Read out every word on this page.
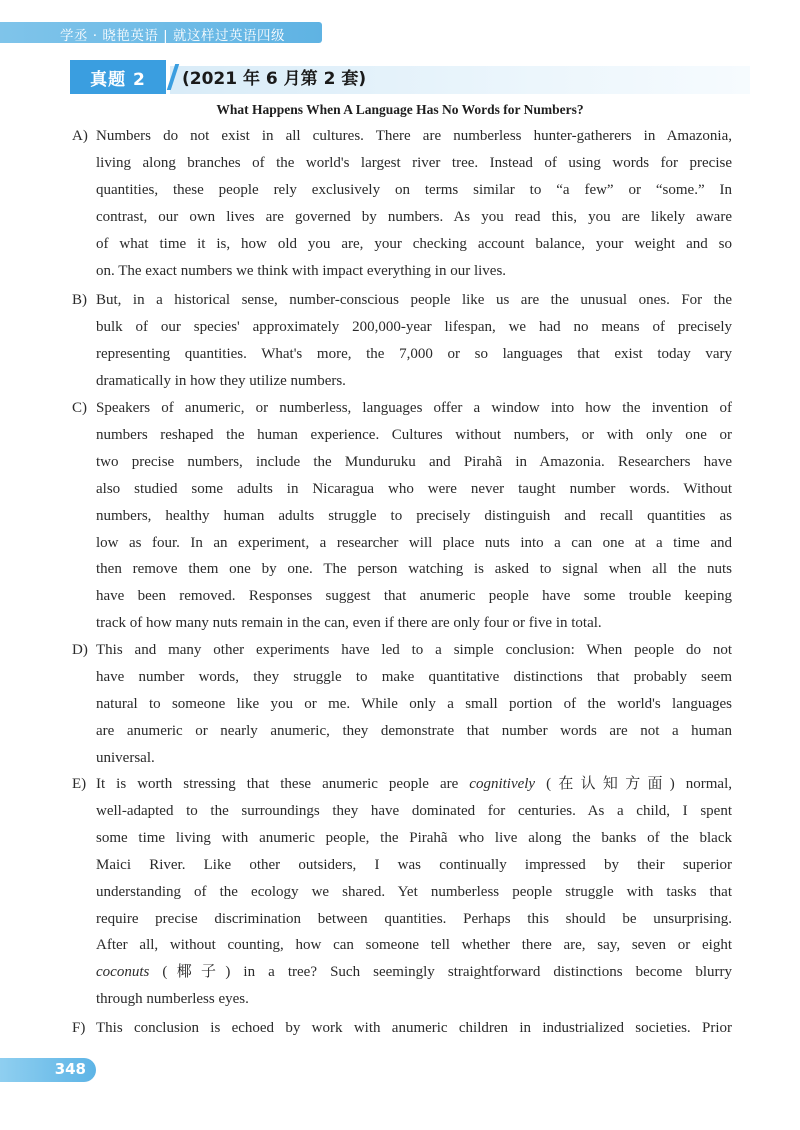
学丞 · 晓艳英语 | 就这样过英语四级
真题 2	(2021 年 6 月第 2 套)
What Happens When A Language Has No Words for Numbers?
A) Numbers do not exist in all cultures. There are numberless hunter-gatherers in Amazonia,
living along branches of the world's largest river tree. Instead of using words for precise
quantities, these people rely exclusively on terms similar to “a few” or “some.” In
contrast, our own lives are governed by numbers. As you read this, you are likely aware
of what time it is, how old you are, your checking account balance, your weight and so
on. The exact numbers we think with impact everything in our lives.
B) But, in a historical sense, number-conscious people like us are the unusual ones. For the
bulk of our species' approximately 200,000-year lifespan, we had no means of precisely
representing quantities. What's more, the 7,000 or so languages that exist today vary
dramatically in how they utilize numbers.
C) Speakers of anumeric, or numberless, languages offer a window into how the invention of
numbers reshaped the human experience. Cultures without numbers, or with only one or
two precise numbers, include the Munduruku and Pirahã in Amazonia. Researchers have
also studied some adults in Nicaragua who were never taught number words. Without
numbers, healthy human adults struggle to precisely distinguish and recall quantities as
low as four. In an experiment, a researcher will place nuts into a can one at a time and
then remove them one by one. The person watching is asked to signal when all the nuts
have been removed. Responses suggest that anumeric people have some trouble keeping
track of how many nuts remain in the can, even if there are only four or five in total.
D) This and many other experiments have led to a simple conclusion: When people do not
have number words, they struggle to make quantitative distinctions that probably seem
natural to someone like you or me. While only a small portion of the world's languages
are anumeric or nearly anumeric, they demonstrate that number words are not a human
universal.
E) It is worth stressing that these anumeric people are cognitively (在认知方面) normal,
well-adapted to the surroundings they have dominated for centuries. As a child, I spent
some time living with anumeric people, the Pirahã who live along the banks of the black
Maici River. Like other outsiders, I was continually impressed by their superior
understanding of the ecology we shared. Yet numberless people struggle with tasks that
require precise discrimination between quantities. Perhaps this should be unsurprising.
After all, without counting, how can someone tell whether there are, say, seven or eight
coconuts (椰子) in a tree? Such seemingly straightforward distinctions become blurry
through numberless eyes.
F) This conclusion is echoed by work with anumeric children in industrialized societies. Prior
348
